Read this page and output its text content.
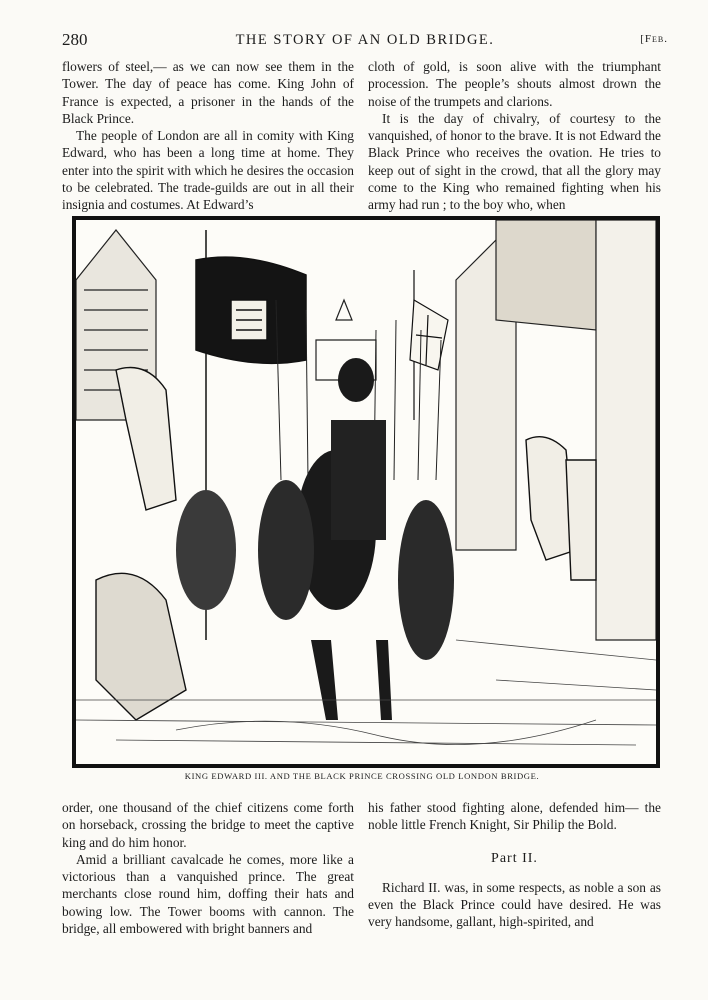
280	THE STORY OF AN OLD BRIDGE.	[Feb.

flowers of steel,— as we can now see them in the Tower. The day of peace has come. King John of France is expected, a prisoner in the hands of the Black Prince.

The people of London are all in comity with King Edward, who has been a long time at home. They enter into the spirit with which he desires the occasion to be celebrated. The trade-guilds are out in all their insignia and costumes. At Edward’s

cloth of gold, is soon alive with the triumphant procession. The people’s shouts almost drown the noise of the trumpets and clarions.

It is the day of chivalry, of courtesy to the vanquished, of honor to the brave. It is not Edward the Black Prince who receives the ovation. He tries to keep out of sight in the crowd, that all the glory may come to the King who remained fighting when his army had run ; to the boy who, when

KING EDWARD III. AND THE BLACK PRINCE CROSSING OLD LONDON BRIDGE.

order, one thousand of the chief citizens come forth on horseback, crossing the bridge to meet the captive king and do him honor.

Amid a brilliant cavalcade he comes, more like a victorious than a vanquished prince. The great merchants close round him, doffing their hats and bowing low. The Tower booms with cannon. The bridge, all embowered with bright banners and

his father stood fighting alone, defended him— the noble little French Knight, Sir Philip the Bold.

Part II.

Richard II. was, in some respects, as noble a son as even the Black Prince could have desired. He was very handsome, gallant, high-spirited, and
